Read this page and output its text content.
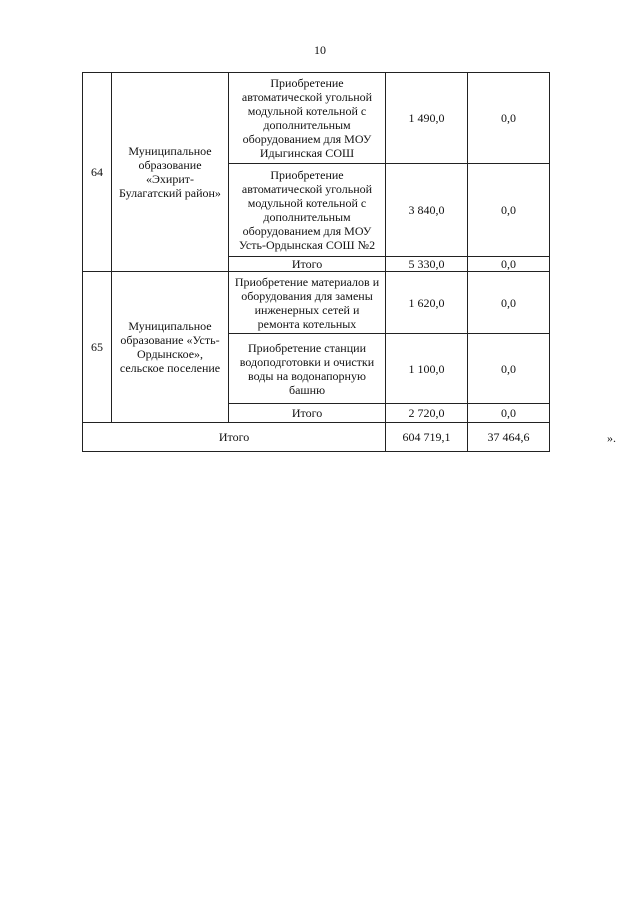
10
64	Муниципальное образование «Эхирит-Булагатский район»	Приобретение автоматической угольной модульной котельной с дополнительным оборудованием для МОУ Идыгинская СОШ	1 490,0	0,0
		Приобретение автоматической угольной модульной котельной с дополнительным оборудованием для МОУ Усть-Ордынская СОШ №2	3 840,0	0,0
		Итого	5 330,0	0,0
65	Муниципальное образование «Усть-Ордынское», сельское поселение	Приобретение материалов и оборудования для замены инженерных сетей и ремонта котельных	1 620,0	0,0
		Приобретение станции водоподготовки и очистки воды на водонапорную башню	1 100,0	0,0
		Итого	2 720,0	0,0
Итого			604 719,1	37 464,6	».
